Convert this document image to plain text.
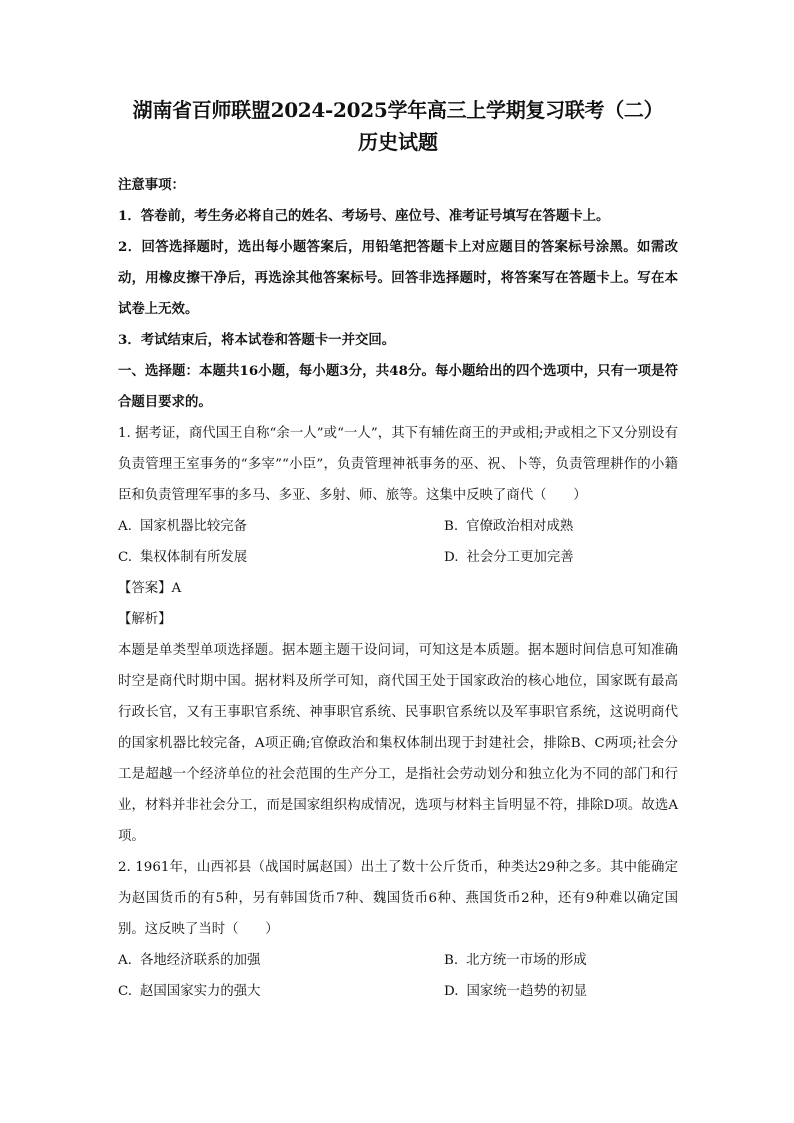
湖南省百师联盟2024-2025学年高三上学期复习联考（二）
历史试题

注意事项：

1．答卷前，考生务必将自己的姓名、考场号、座位号、准考证号填写在答题卡上。

2．回答选择题时，选出每小题答案后，用铅笔把答题卡上对应题目的答案标号涂黑。如需改动，用橡皮擦干净后，再选涂其他答案标号。回答非选择题时，将答案写在答题卡上。写在本试卷上无效。

3．考试结束后，将本试卷和答题卡一并交回。

一、选择题：本题共16小题，每小题3分，共48分。每小题给出的四个选项中，只有一项是符合题目要求的。

1. 据考证，商代国王自称“余一人”或“一人”，其下有辅佐商王的尹或相;尹或相之下又分别设有负责管理王室事务的“多宰”“小臣”，负责管理神祇事务的巫、祝、卜等，负责管理耕作的小籍臣和负责管理军事的多马、多亚、多射、师、旅等。这集中反映了商代（　　）

A. 国家机器比较完备	B. 官僚政治相对成熟
C. 集权体制有所发展	D. 社会分工更加完善

【答案】A

【解析】

本题是单类型单项选择题。据本题主题干设问词，可知这是本质题。据本题时间信息可知准确时空是商代时期中国。据材料及所学可知，商代国王处于国家政治的核心地位，国家既有最高行政长官，又有王事职官系统、神事职官系统、民事职官系统以及军事职官系统，这说明商代的国家机器比较完备，A项正确;官僚政治和集权体制出现于封建社会，排除B、C两项;社会分工是超越一个经济单位的社会范围的生产分工，是指社会劳动划分和独立化为不同的部门和行业，材料并非社会分工，而是国家组织构成情况，选项与材料主旨明显不符，排除D项。故选A项。

2. 1961年，山西祁县（战国时属赵国）出土了数十公斤货币，种类达29种之多。其中能确定为赵国货币的有5种，另有韩国货币7种、魏国货币6种、燕国货币2种，还有9种难以确定国别。这反映了当时（　　）

A. 各地经济联系的加强	B. 北方统一市场的形成
C. 赵国国家实力的强大	D. 国家统一趋势的初显
